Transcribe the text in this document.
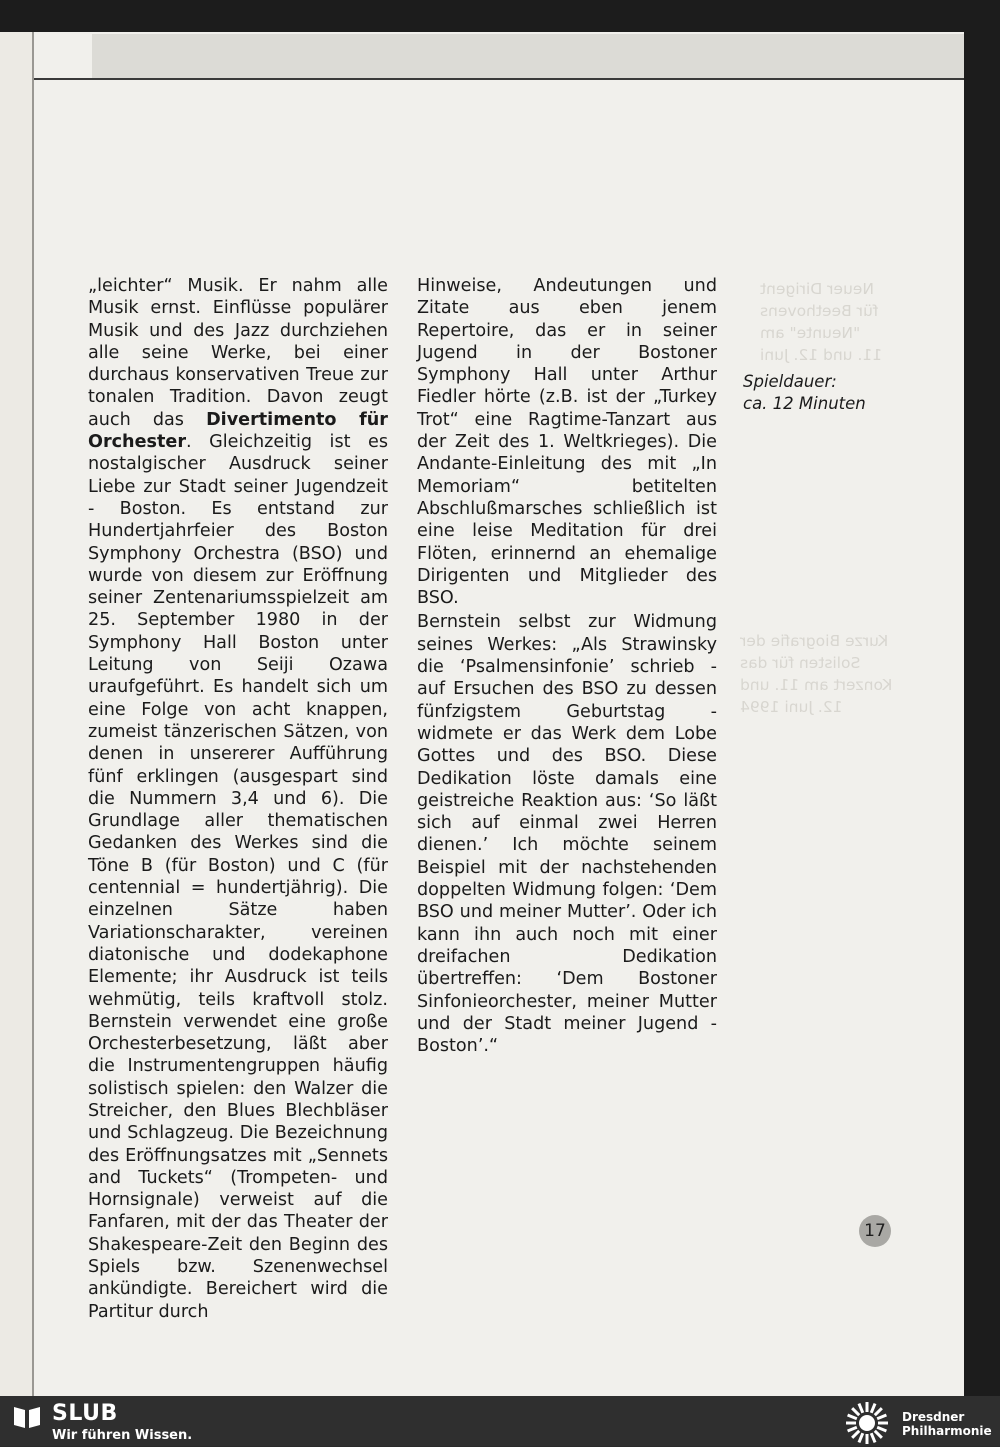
Neuer Dirigent für Beethovens "Neunte" am 11. und 12. Juni
Kurze Biografie der Solisten für das Konzert am 11. und 12. Juni 1994

„leichter“ Musik. Er nahm alle Musik ernst. Einflüsse populärer Musik und des Jazz durchziehen alle seine Werke, bei einer durchaus konservativen Treue zur tonalen Tradition. Davon zeugt auch das Divertimento für Orchester. Gleichzeitig ist es nostalgischer Ausdruck seiner Liebe zur Stadt seiner Jugendzeit - Boston. Es entstand zur Hundertjahrfeier des Boston Symphony Orchestra (BSO) und wurde von diesem zur Eröffnung seiner Zentenariumsspielzeit am 25. September 1980 in der Symphony Hall Boston unter Leitung von Seiji Ozawa uraufgeführt. Es handelt sich um eine Folge von acht knappen, zumeist tänzerischen Sätzen, von denen in unsererer Aufführung fünf erklingen (ausgespart sind die Nummern 3,4 und 6). Die Grundlage aller thematischen Gedanken des Werkes sind die Töne B (für Boston) und C (für centennial = hundertjährig). Die einzelnen Sätze haben Variationscharakter, vereinen diatonische und dodekaphone Elemente; ihr Ausdruck ist teils wehmütig, teils kraftvoll stolz. Bernstein verwendet eine große Orchesterbesetzung, läßt aber die Instrumentengruppen häufig solistisch spielen: den Walzer die Streicher, den Blues Blechbläser und Schlagzeug. Die Bezeichnung des Eröffnungsatzes mit „Sennets and Tuckets“ (Trompeten- und Hornsignale) verweist auf die Fanfaren, mit der das Theater der Shakespeare-Zeit den Beginn des Spiels bzw. Szenenwechsel ankündigte. Bereichert wird die Partitur durch

Hinweise, Andeutungen und Zitate aus eben jenem Repertoire, das er in seiner Jugend in der Bostoner Symphony Hall unter Arthur Fiedler hörte (z.B. ist der „Turkey Trot“ eine Ragtime-Tanzart aus der Zeit des 1. Weltkrieges). Die Andante-Einleitung des mit „In Memoriam“ betitelten Abschlußmarsches schließlich ist eine leise Meditation für drei Flöten, erinnernd an ehemalige Dirigenten und Mitglieder des BSO.

Bernstein selbst zur Widmung seines Werkes: „Als Strawinsky die ‘Psalmensinfonie’ schrieb - auf Ersuchen des BSO zu dessen fünfzigstem Geburtstag - widmete er das Werk dem Lobe Gottes und des BSO. Diese Dedikation löste damals eine geistreiche Reaktion aus: ‘So läßt sich auf einmal zwei Herren dienen.’ Ich möchte seinem Beispiel mit der nachstehenden doppelten Widmung folgen: ‘Dem BSO und meiner Mutter’. Oder ich kann ihn auch noch mit einer dreifachen Dedikation übertreffen: ‘Dem Bostoner Sinfonieorchester, meiner Mutter und der Stadt meiner Jugend - Boston’.“

Spieldauer:
ca. 12 Minuten
17
SLUB
Wir führen Wissen.
Dresdner
Philharmonie
